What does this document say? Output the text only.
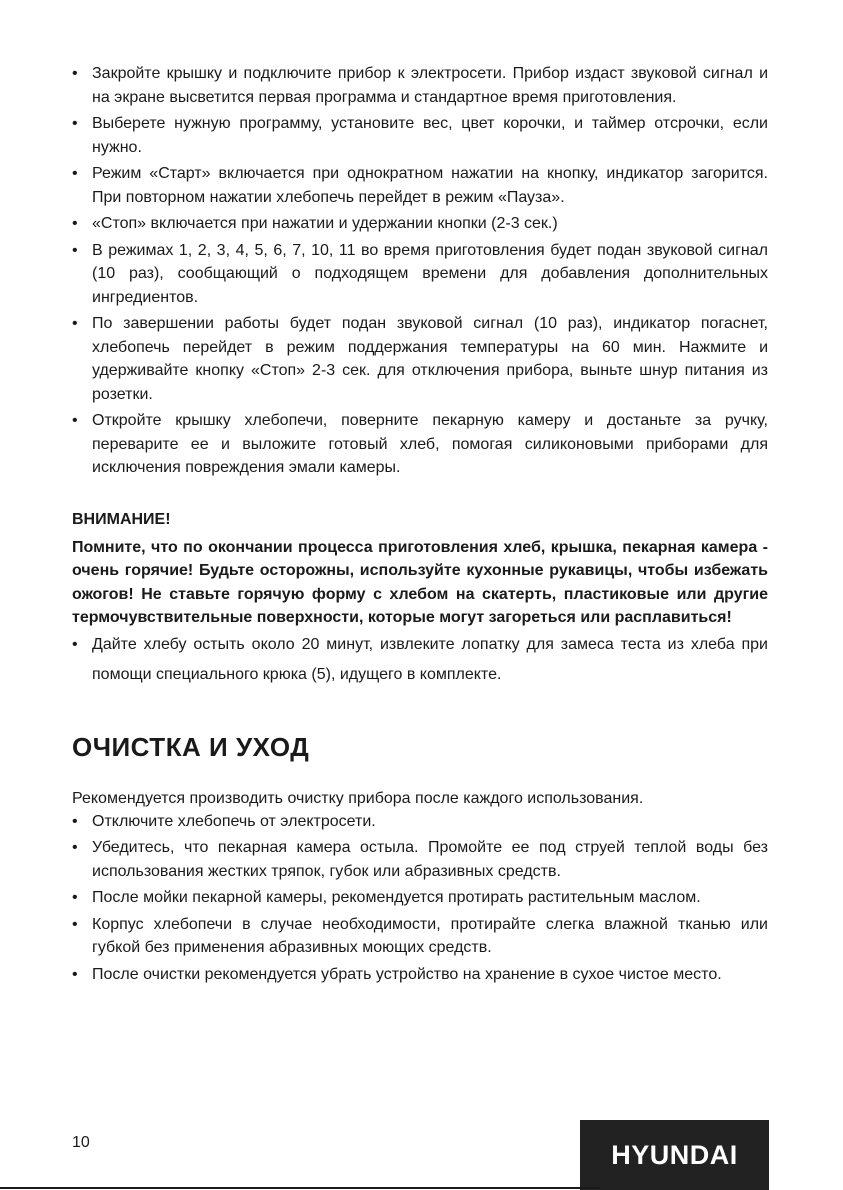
• Закройте крышку и подключите прибор к электросети. Прибор издаст звуковой сигнал и на экране высветится первая программа и стандартное время приготовления.
• Выберете нужную программу, установите вес, цвет корочки, и таймер отсрочки, если нужно.
• Режим «Старт» включается при однократном нажатии на кнопку, индикатор загорится. При повторном нажатии хлебопечь перейдет в режим «Пауза».
• «Стоп» включается при нажатии и удержании кнопки (2-3 сек.)
• В режимах 1, 2, 3, 4, 5, 6, 7, 10, 11 во время приготовления будет подан звуковой сигнал (10 раз), сообщающий о подходящем времени для добавления дополнительных ингредиентов.
• По завершении работы будет подан звуковой сигнал (10 раз), индикатор погаснет, хлебопечь перейдет в режим поддержания температуры на 60 мин. Нажмите и удерживайте кнопку «Стоп» 2-3 сек. для отключения прибора, выньте шнур питания из розетки.
• Откройте крышку хлебопечи, поверните пекарную камеру и достаньте за ручку, переварите ее и выложите готовый хлеб, помогая силиконовыми приборами для исключения повреждения эмали камеры.
ВНИМАНИЕ!
Помните, что по окончании процесса приготовления хлеб, крышка, пекарная камера - очень горячие! Будьте осторожны, используйте кухонные рукавицы, чтобы избежать ожогов! Не ставьте горячую форму с хлебом на скатерть, пластиковые или другие термочувствительные поверхности, которые могут загореться или расплавиться!
• Дайте хлебу остыть около 20 минут, извлеките лопатку для замеса теста из хлеба при помощи специального крюка (5), идущего в комплекте.
ОЧИСТКА И УХОД
Рекомендуется производить очистку прибора после каждого использования.
• Отключите хлебопечь от электросети.
• Убедитесь, что пекарная камера остыла. Промойте ее под струей теплой воды без использования жестких тряпок, губок или абразивных средств.
• После мойки пекарной камеры, рекомендуется протирать растительным маслом.
• Корпус хлебопечи в случае необходимости, протирайте слегка влажной тканью или губкой без применения абразивных моющих средств.
• После очистки рекомендуется убрать устройство на хранение в сухое чистое место.
10	HYUNDAI
